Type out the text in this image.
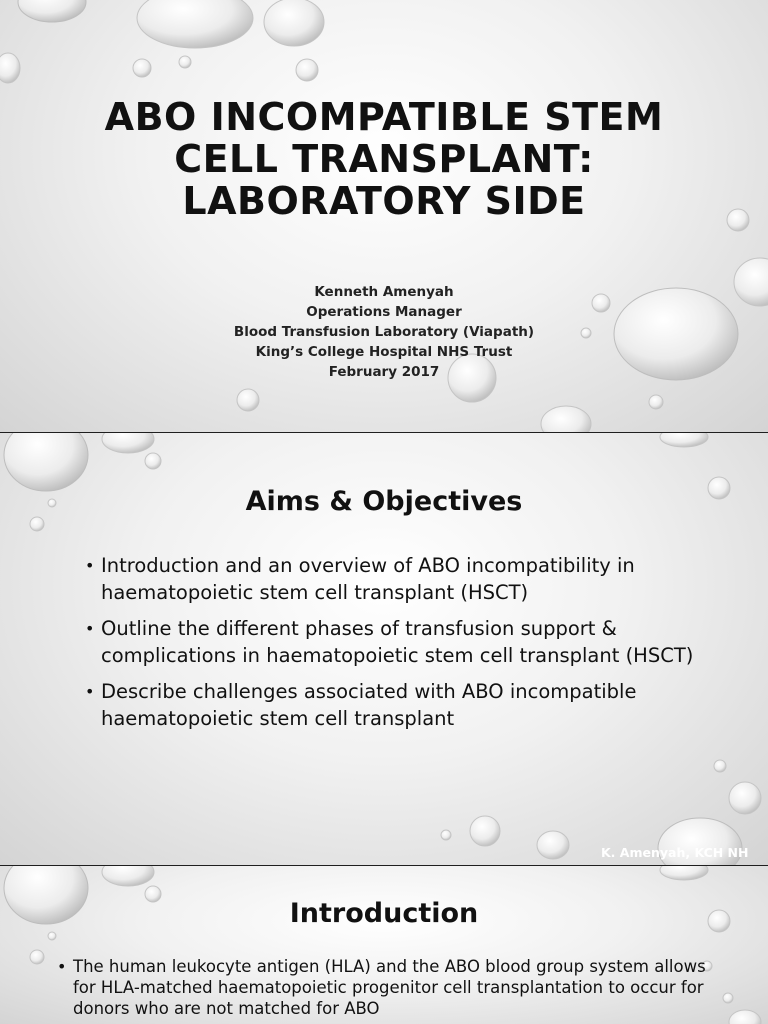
ABO INCOMPATIBLE STEM
CELL TRANSPLANT:
LABORATORY SIDE
Kenneth Amenyah
Operations Manager
Blood Transfusion Laboratory (Viapath)
King’s College Hospital NHS Trust
February 2017
Aims & Objectives
• Introduction and an overview of ABO incompatibility in haematopoietic stem cell transplant (HSCT)
• Outline the different phases of transfusion support & complications in haematopoietic stem cell transplant (HSCT)
• Describe challenges associated with ABO incompatible haematopoietic stem cell transplant
K. Amenyah, KCH NH
Introduction
• The human leukocyte antigen (HLA) and the ABO blood group system allows for HLA-matched haematopoietic progenitor cell transplantation to occur for donors who are not matched for ABO
